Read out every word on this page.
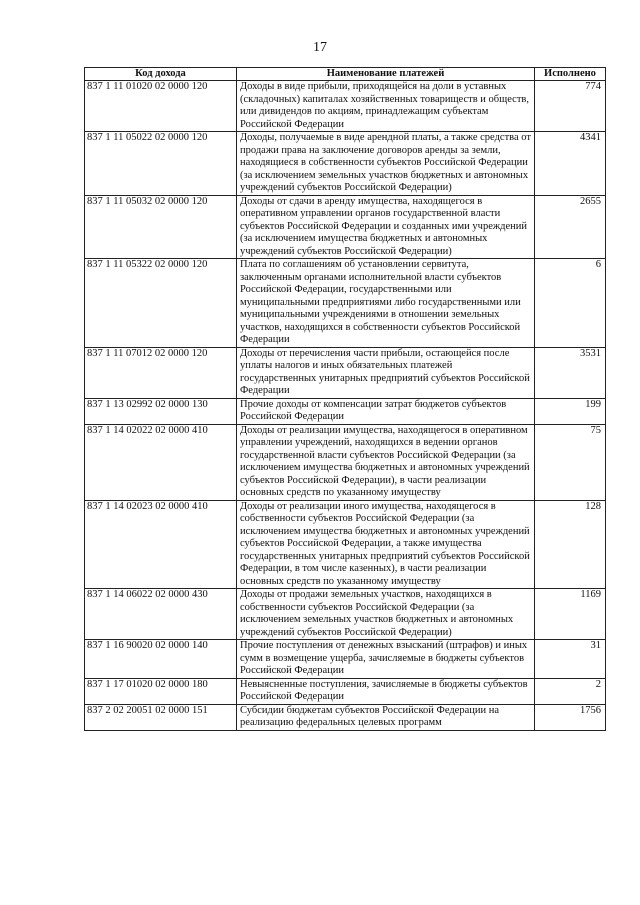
17
Код дохода	Наименование платежей	Исполнено
837 1 11 01020 02 0000 120	Доходы в виде прибыли, приходящейся на доли в уставных (складочных) капиталах хозяйственных товариществ и обществ, или дивидендов по акциям, принадлежащим субъектам Российской Федерации	774
837 1 11 05022 02 0000 120	Доходы, получаемые в виде арендной платы, а также средства от продажи права на заключение договоров аренды за земли, находящиеся в собственности субъектов Российской Федерации (за исключением земельных участков бюджетных и автономных учреждений субъектов Российской Федерации)	4341
837 1 11 05032 02 0000 120	Доходы от сдачи в аренду имущества, находящегося в оперативном управлении органов государственной власти субъектов Российской Федерации и созданных ими учреждений (за исключением имущества бюджетных и автономных учреждений субъектов Российской Федерации)	2655
837 1 11 05322 02 0000 120	Плата по соглашениям об установлении сервитута, заключенным органами исполнительной власти субъектов Российской Федерации, государственными или муниципальными предприятиями либо государственными или муниципальными учреждениями в отношении земельных участков, находящихся в собственности субъектов Российской Федерации	6
837 1 11 07012 02 0000 120	Доходы от перечисления части прибыли, остающейся после уплаты налогов и иных обязательных платежей государственных унитарных предприятий субъектов Российской Федерации	3531
837 1 13 02992 02 0000 130	Прочие доходы от компенсации затрат бюджетов субъектов Российской Федерации	199
837 1 14 02022 02 0000 410	Доходы от реализации имущества, находящегося в оперативном управлении учреждений, находящихся в ведении органов государственной власти субъектов Российской Федерации (за исключением имущества бюджетных и автономных учреждений субъектов Российской Федерации), в части реализации основных средств по указанному имуществу	75
837 1 14 02023 02 0000 410	Доходы от реализации иного имущества, находящегося в собственности субъектов Российской Федерации (за исключением имущества бюджетных и автономных учреждений субъектов Российской Федерации, а также имущества государственных унитарных предприятий субъектов Российской Федерации, в том числе казенных), в части реализации основных средств по указанному имуществу	128
837 1 14 06022 02 0000 430	Доходы от продажи земельных участков, находящихся в собственности субъектов Российской Федерации (за исключением земельных участков бюджетных и автономных учреждений субъектов Российской Федерации)	1169
837 1 16 90020 02 0000 140	Прочие поступления от денежных взысканий (штрафов) и иных сумм в возмещение ущерба, зачисляемые в бюджеты субъектов Российской Федерации	31
837 1 17 01020 02 0000 180	Невыясненные поступления, зачисляемые в бюджеты субъектов Российской Федерации	2
837 2 02 20051 02 0000 151	Субсидии бюджетам субъектов Российской Федерации на реализацию федеральных целевых программ	1756
